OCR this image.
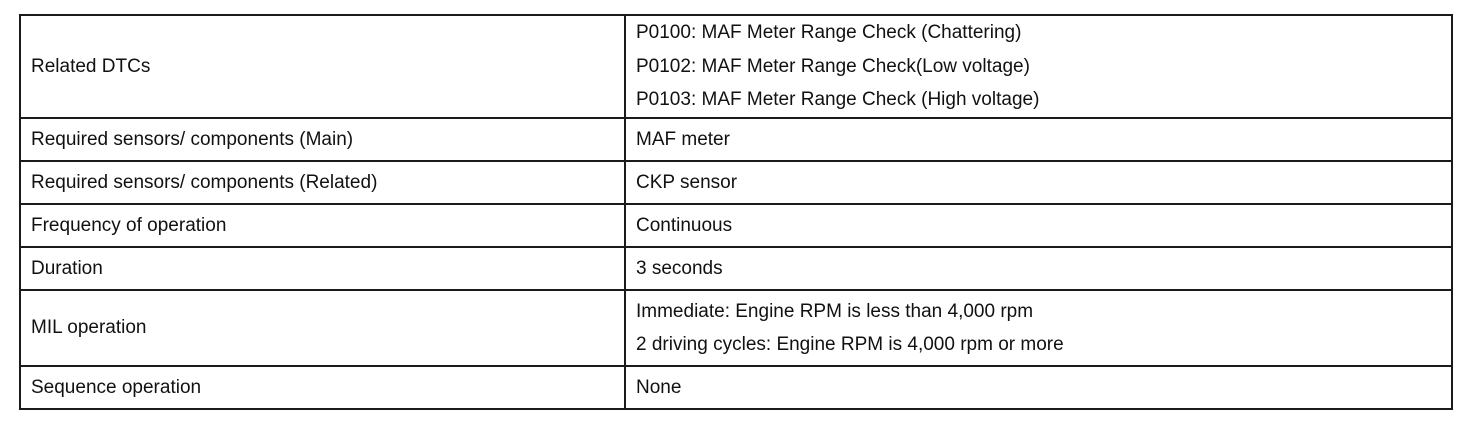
Related DTCs	P0100: MAF Meter Range Check (Chattering)
P0102: MAF Meter Range Check(Low voltage)
P0103: MAF Meter Range Check (High voltage)

Required sensors/ components (Main)	MAF meter
Required sensors/ components (Related)	CKP sensor
Frequency of operation	Continuous
Duration	3 seconds
MIL operation	Immediate: Engine RPM is less than 4,000 rpm
2 driving cycles: Engine RPM is 4,000 rpm or more

Sequence operation	None
